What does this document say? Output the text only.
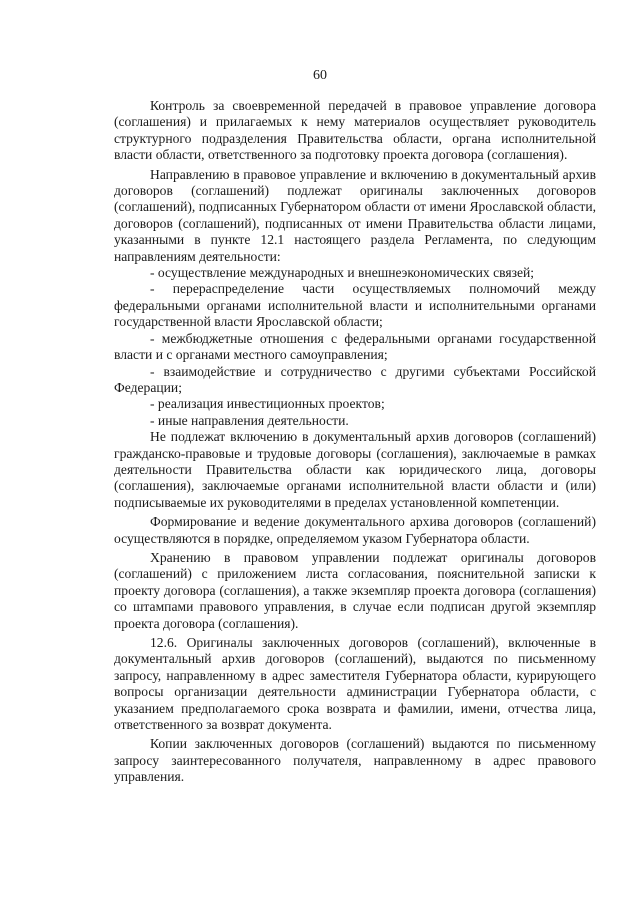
60

Контроль за своевременной передачей в правовое управление договора (соглашения) и прилагаемых к нему материалов осуществляет руководитель структурного подразделения Правительства области, органа исполнительной власти области, ответственного за подготовку проекта договора (соглашения).

Направлению в правовое управление и включению в документальный архив договоров (соглашений) подлежат оригиналы заключенных договоров (соглашений), подписанных Губернатором области от имени Ярославской области, договоров (соглашений), подписанных от имени Правительства области лицами, указанными в пункте 12.1 настоящего раздела Регламента, по следующим направлениям деятельности:

- осуществление международных и внешнеэкономических связей;

- перераспределение части осуществляемых полномочий между федеральными органами исполнительной власти и исполнительными органами государственной власти Ярославской области;

- межбюджетные отношения с федеральными органами государственной власти и с органами местного самоуправления;

- взаимодействие и сотрудничество с другими субъектами Российской Федерации;

- реализация инвестиционных проектов;

- иные направления деятельности.

Не подлежат включению в документальный архив договоров (соглашений) гражданско-правовые и трудовые договоры (соглашения), заключаемые в рамках деятельности Правительства области как юридического лица, договоры (соглашения), заключаемые органами исполнительной власти области и (или) подписываемые их руководителями в пределах установленной компетенции.

Формирование и ведение документального архива договоров (соглашений) осуществляются в порядке, определяемом указом Губернатора области.

Хранению в правовом управлении подлежат оригиналы договоров (соглашений) с приложением листа согласования, пояснительной записки к проекту договора (соглашения), а также экземпляр проекта договора (соглашения) со штампами правового управления, в случае если подписан другой экземпляр проекта договора (соглашения).

12.6. Оригиналы заключенных договоров (соглашений), включенные в документальный архив договоров (соглашений), выдаются по письменному запросу, направленному в адрес заместителя Губернатора области, курирующего вопросы организации деятельности администрации Губернатора области, с указанием предполагаемого срока возврата и фамилии, имени, отчества лица, ответственного за возврат документа.

Копии заключенных договоров (соглашений) выдаются по письменному запросу заинтересованного получателя, направленному в адрес правового управления.
